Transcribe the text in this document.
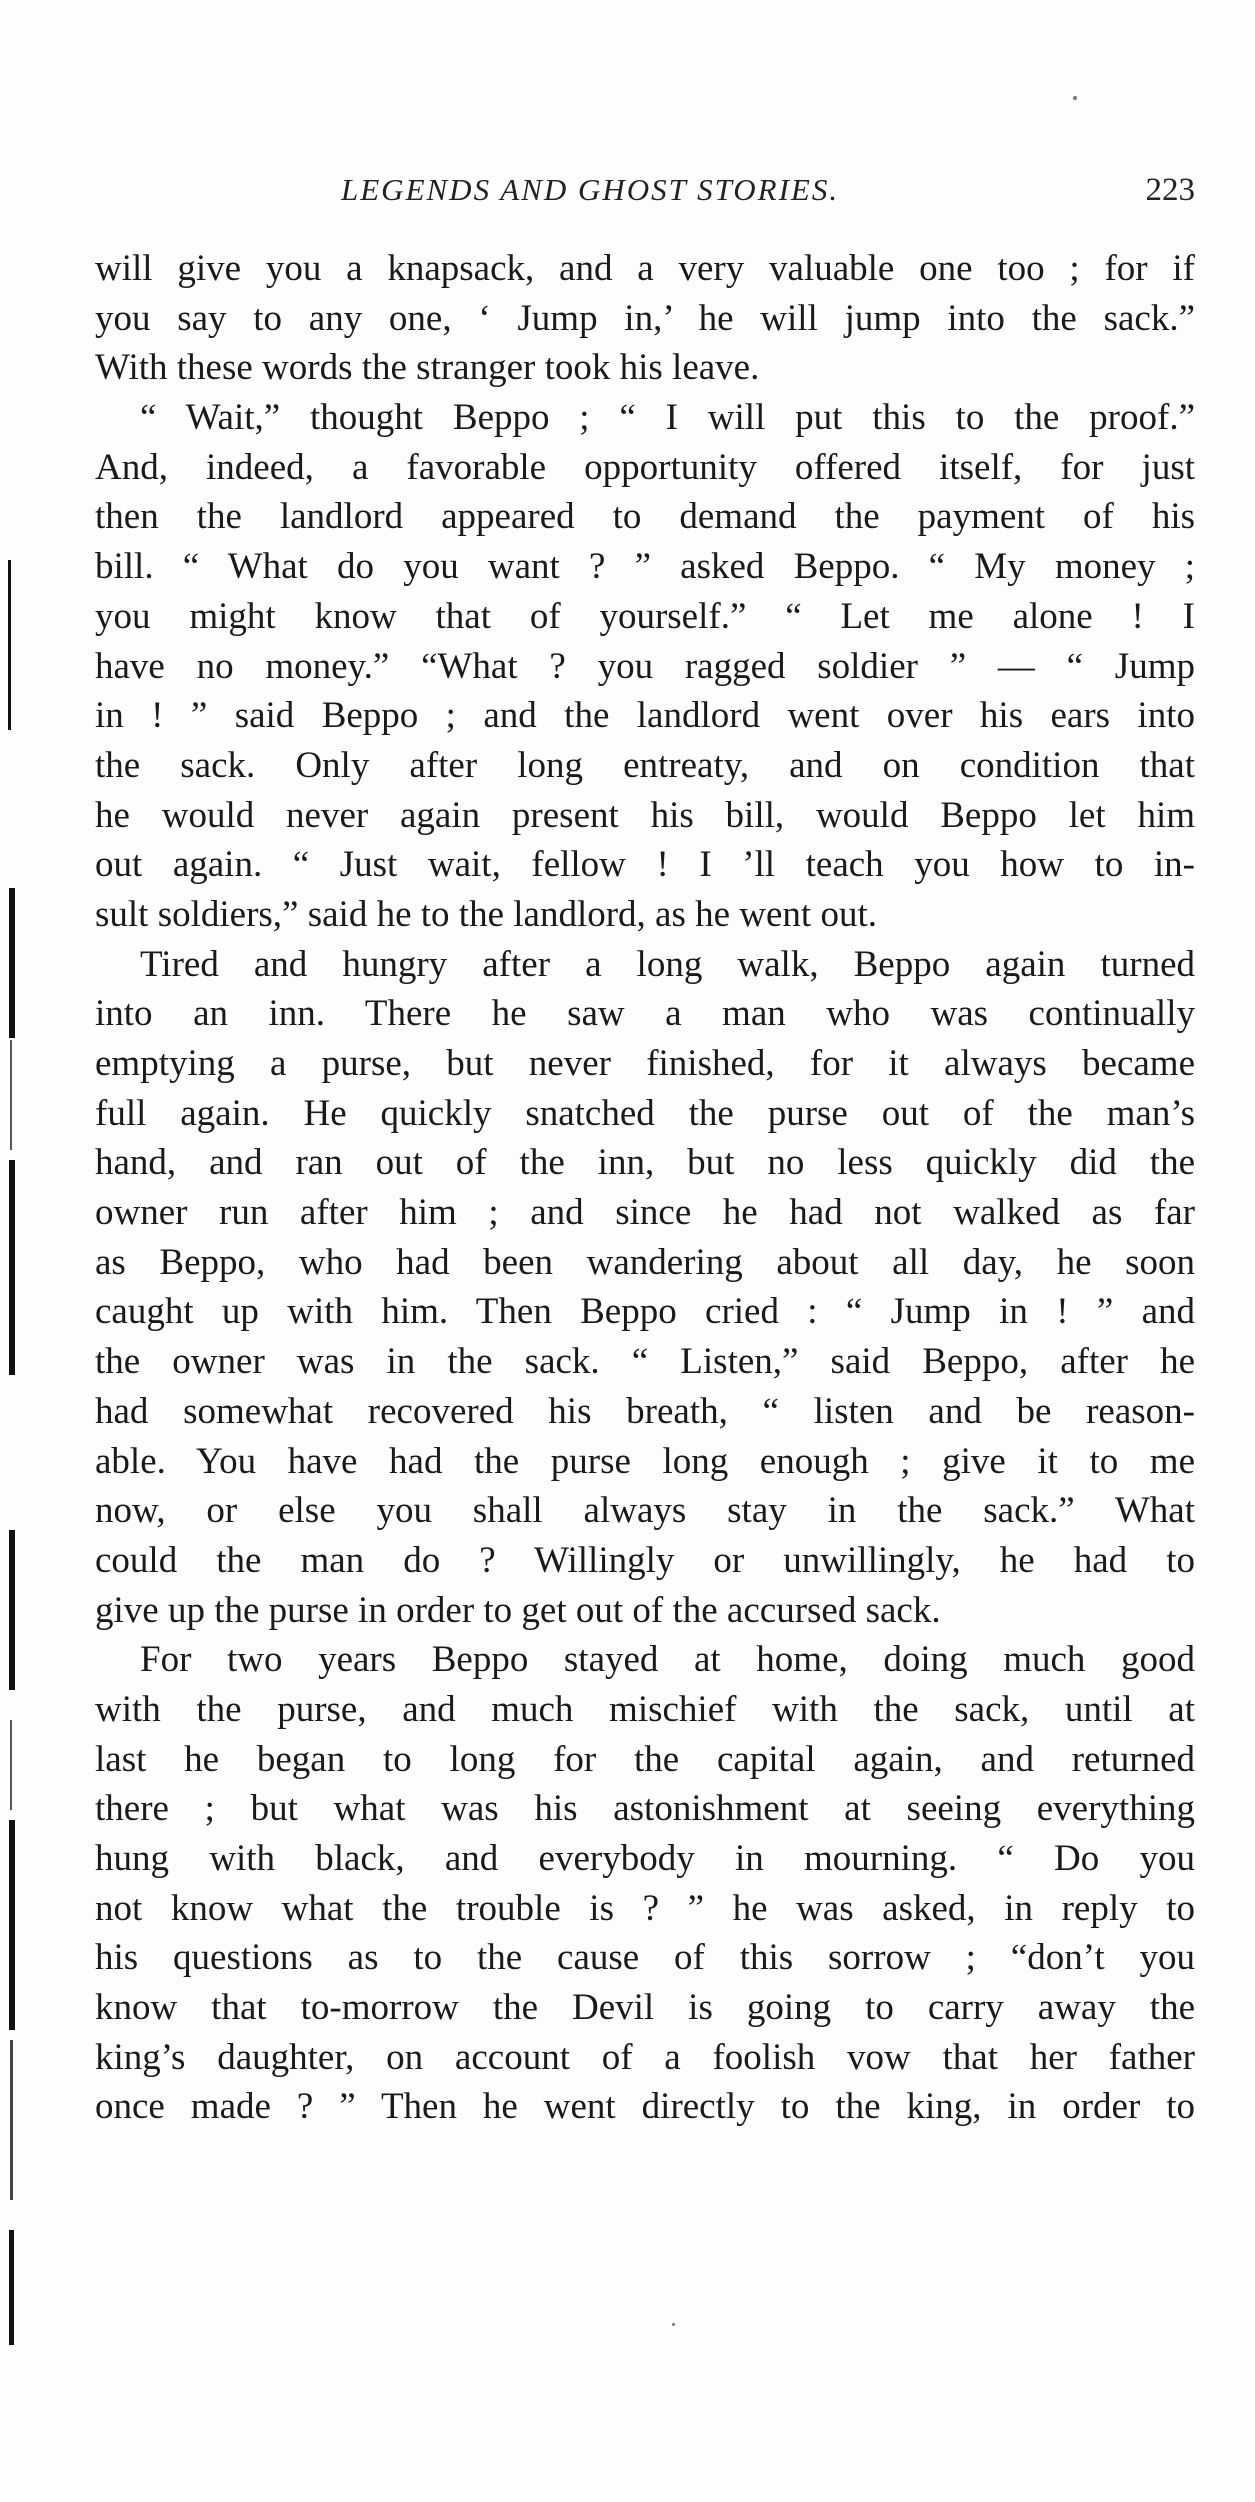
LEGENDS AND GHOST STORIES.	223
will give you a knapsack, and a very valuable one too ; for if
you say to any one, ‘ Jump in,’ he will jump into the sack.”
With these words the stranger took his leave.
“ Wait,” thought Beppo ; “ I will put this to the proof.”
And, indeed, a favorable opportunity offered itself, for just
then the landlord appeared to demand the payment of his
bill. “ What do you want ? ” asked Beppo. “ My money ;
you might know that of yourself.” “ Let me alone ! I
have no money.” “What ? you ragged soldier ” — “ Jump
in ! ” said Beppo ; and the landlord went over his ears into
the sack. Only after long entreaty, and on condition that
he would never again present his bill, would Beppo let him
out again. “ Just wait, fellow ! I ’ll teach you how to in-
sult soldiers,” said he to the landlord, as he went out.
Tired and hungry after a long walk, Beppo again turned
into an inn. There he saw a man who was continually
emptying a purse, but never finished, for it always became
full again. He quickly snatched the purse out of the man’s
hand, and ran out of the inn, but no less quickly did the
owner run after him ; and since he had not walked as far
as Beppo, who had been wandering about all day, he soon
caught up with him. Then Beppo cried : “ Jump in ! ” and
the owner was in the sack. “ Listen,” said Beppo, after he
had somewhat recovered his breath, “ listen and be reason-
able. You have had the purse long enough ; give it to me
now, or else you shall always stay in the sack.” What
could the man do ? Willingly or unwillingly, he had to
give up the purse in order to get out of the accursed sack.
For two years Beppo stayed at home, doing much good
with the purse, and much mischief with the sack, until at
last he began to long for the capital again, and returned
there ; but what was his astonishment at seeing everything
hung with black, and everybody in mourning. “ Do you
not know what the trouble is ? ” he was asked, in reply to
his questions as to the cause of this sorrow ; “don’t you
know that to-morrow the Devil is going to carry away the
king’s daughter, on account of a foolish vow that her father
once made ? ” Then he went directly to the king, in order to
